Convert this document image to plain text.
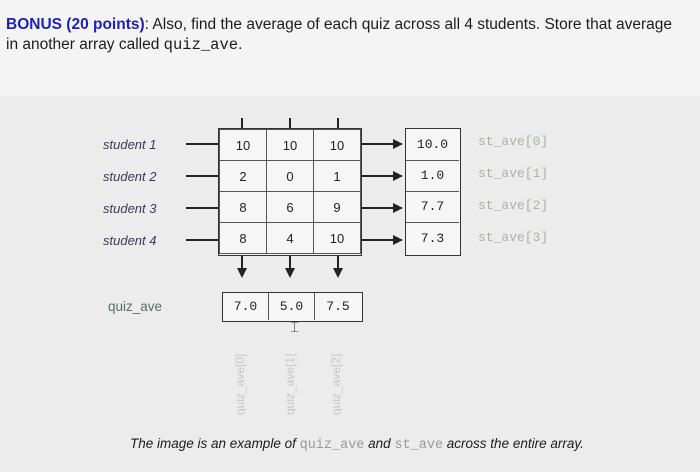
BONUS (20 points): Also, find the average of each quiz across all 4 students. Store that average
in another array called quiz_ave.
student 1
student 2
student 3
student 4
10	10	10
2	0	1
8	6	9
8	4	10
10.0
1.0
7.7
7.3
st_ave[0]
st_ave[1]
st_ave[2]
st_ave[3]
quiz_ave	7.0	5.0	7.5
⌶
quiz_ave[0]	quiz_ave[1]	quiz_ave[2]
The image is an example of quiz_ave and st_ave across the entire array.
